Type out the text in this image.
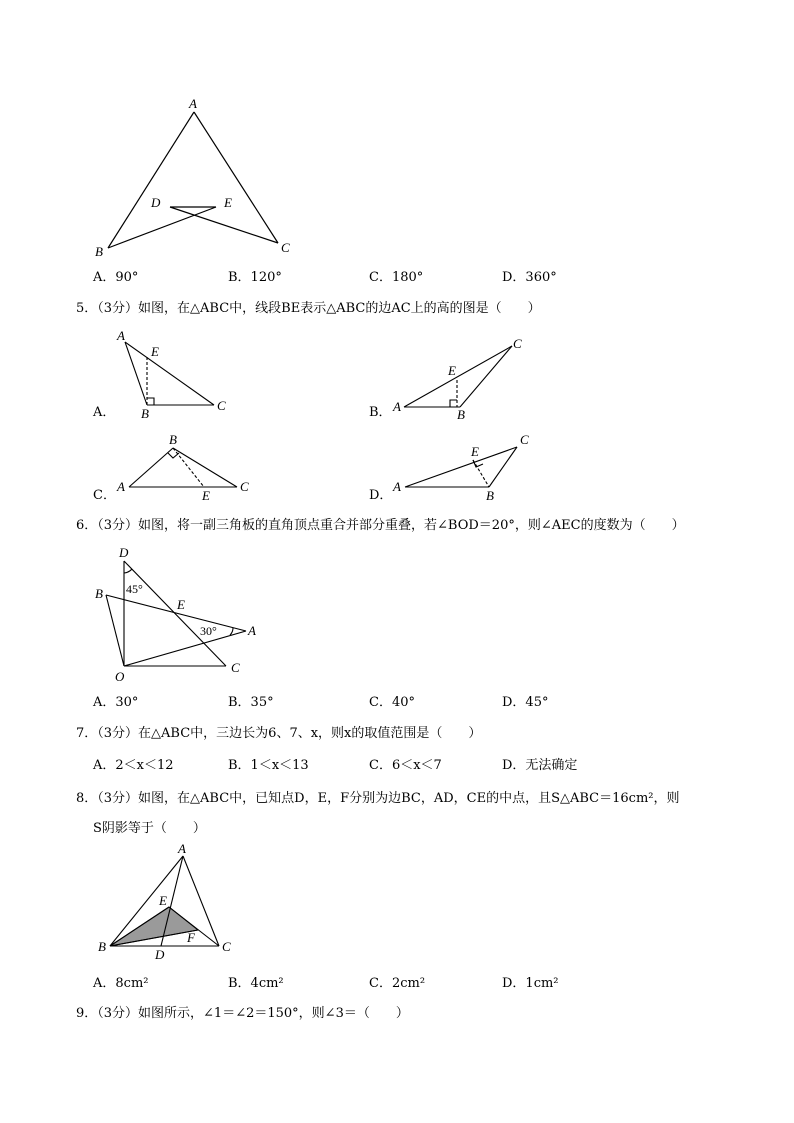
A
B	C
D	E
A．90°	B．120°	C．180°	D．360°
5．（3分）如图，在△ABC中，线段BE表示△ABC的边AC上的高的图是（　　）
A
E
B
C
C
E
A
B
B
A
E
C
C
E
A
B
A．	B．
C．	D．
6．（3分）如图，将一副三角板的直角顶点重合并部分重叠，若∠BOD＝20°，则∠AEC的度数为（　　）
D
45°
B
E
30° A
O
C
A．30°	B．35°	C．40°	D．45°
7．（3分）在△ABC中，三边长为6、7、x，则x的取值范围是（　　）
A．2＜x＜12	B．1＜x＜13	C．6＜x＜7	D．无法确定
8．（3分）如图，在△ABC中，已知点D，E，F分别为边BC，AD，CE的中点，且S△ABC＝16cm²，则
S阴影等于（　　）
A
E
F
B
D
C
A．8cm²	B．4cm²	C．2cm²	D．1cm²
9．（3分）如图所示，∠1＝∠2＝150°，则∠3＝（　　）
